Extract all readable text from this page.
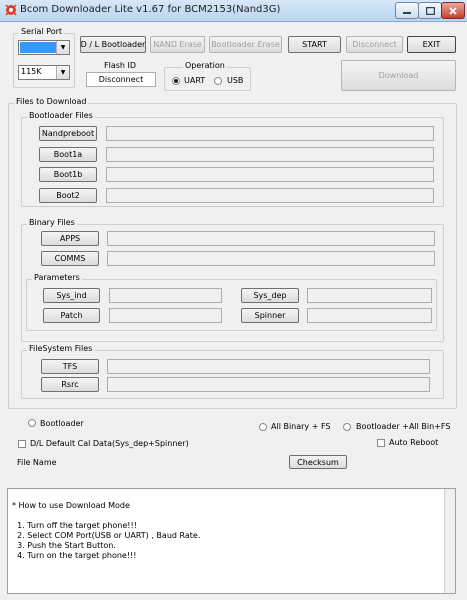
Bcom Downloader Lite v1.67 for BCM2153(Nand3G)
Serial Port
▼
115K	▼
D / L Bootloader NAND Erase	Bootloader Erase	START	Disconnect	EXIT
Flash ID
Disconnect
Operation
UART	USB
Download
Files to Download
Bootloader Files
Nandpreboot
Boot1a
Boot1b
Boot2
Binary Files
APPS
COMMS
Parameters
Sys_ind	Sys_dep
Patch	Spinner
FileSystem Files
TFS
Rsrc
Bootloader	All Binary + FS	Bootloader +All Bin+FS
D/L Default Cal Data(Sys_dep+Spinner)	Auto Reboot
File Name	Checksum
* How to use Download Mode

1. Turn off the target phone!!!
2. Select COM Port(USB or UART) , Baud Rate.
3. Push the Start Button.
4. Turn on the target phone!!!
